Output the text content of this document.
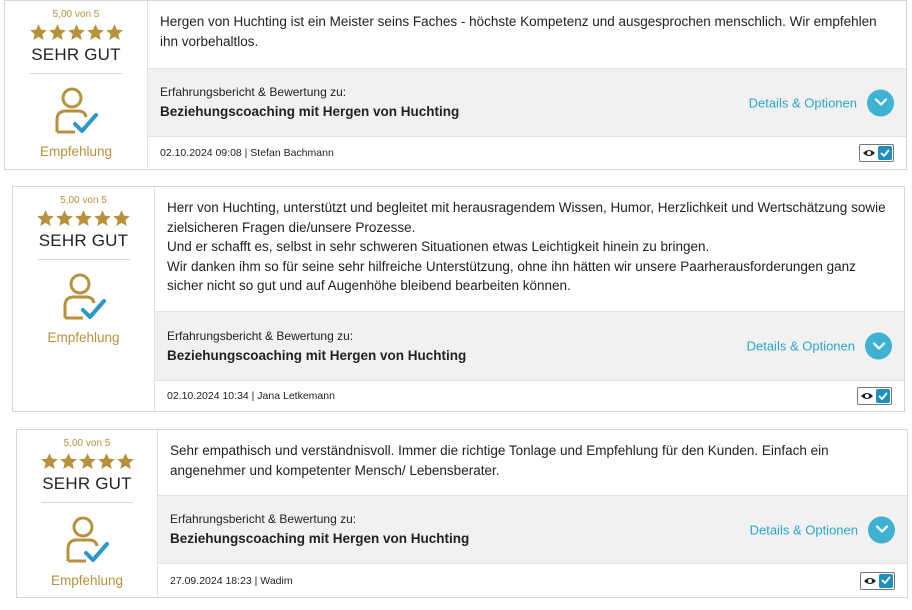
5,00 von 5
SEHR GUT
Empfehlung

Hergen von Huchting ist ein Meister seins Faches - höchste Kompetenz und ausgesprochen menschlich. Wir empfehlen ihn vorbehaltlos.

Erfahrungsbericht & Bewertung zu:
Beziehungscoaching mit Hergen von Huchting
Details & Optionen
02.10.2024 09:08 | Stefan Bachmann
5,00 von 5
SEHR GUT
Empfehlung

Herr von Huchting, unterstützt und begleitet mit herausragendem Wissen, Humor, Herzlichkeit und Wertschätzung sowie zielsicheren Fragen die/unsere Prozesse.

Und er schafft es, selbst in sehr schweren Situationen etwas Leichtigkeit hinein zu bringen.

Wir danken ihm so für seine sehr hilfreiche Unterstützung, ohne ihn hätten wir unsere Paarherausforderungen ganz sicher nicht so gut und auf Augenhöhe bleibend bearbeiten können.

Erfahrungsbericht & Bewertung zu:
Beziehungscoaching mit Hergen von Huchting
Details & Optionen
02.10.2024 10:34 | Jana Letkemann
5,00 von 5
SEHR GUT
Empfehlung

Sehr empathisch und verständnisvoll. Immer die richtige Tonlage und Empfehlung für den Kunden. Einfach ein angenehmer und kompetenter Mensch/ Lebensberater.

Erfahrungsbericht & Bewertung zu:
Beziehungscoaching mit Hergen von Huchting
Details & Optionen
27.09.2024 18:23 | Wadim
